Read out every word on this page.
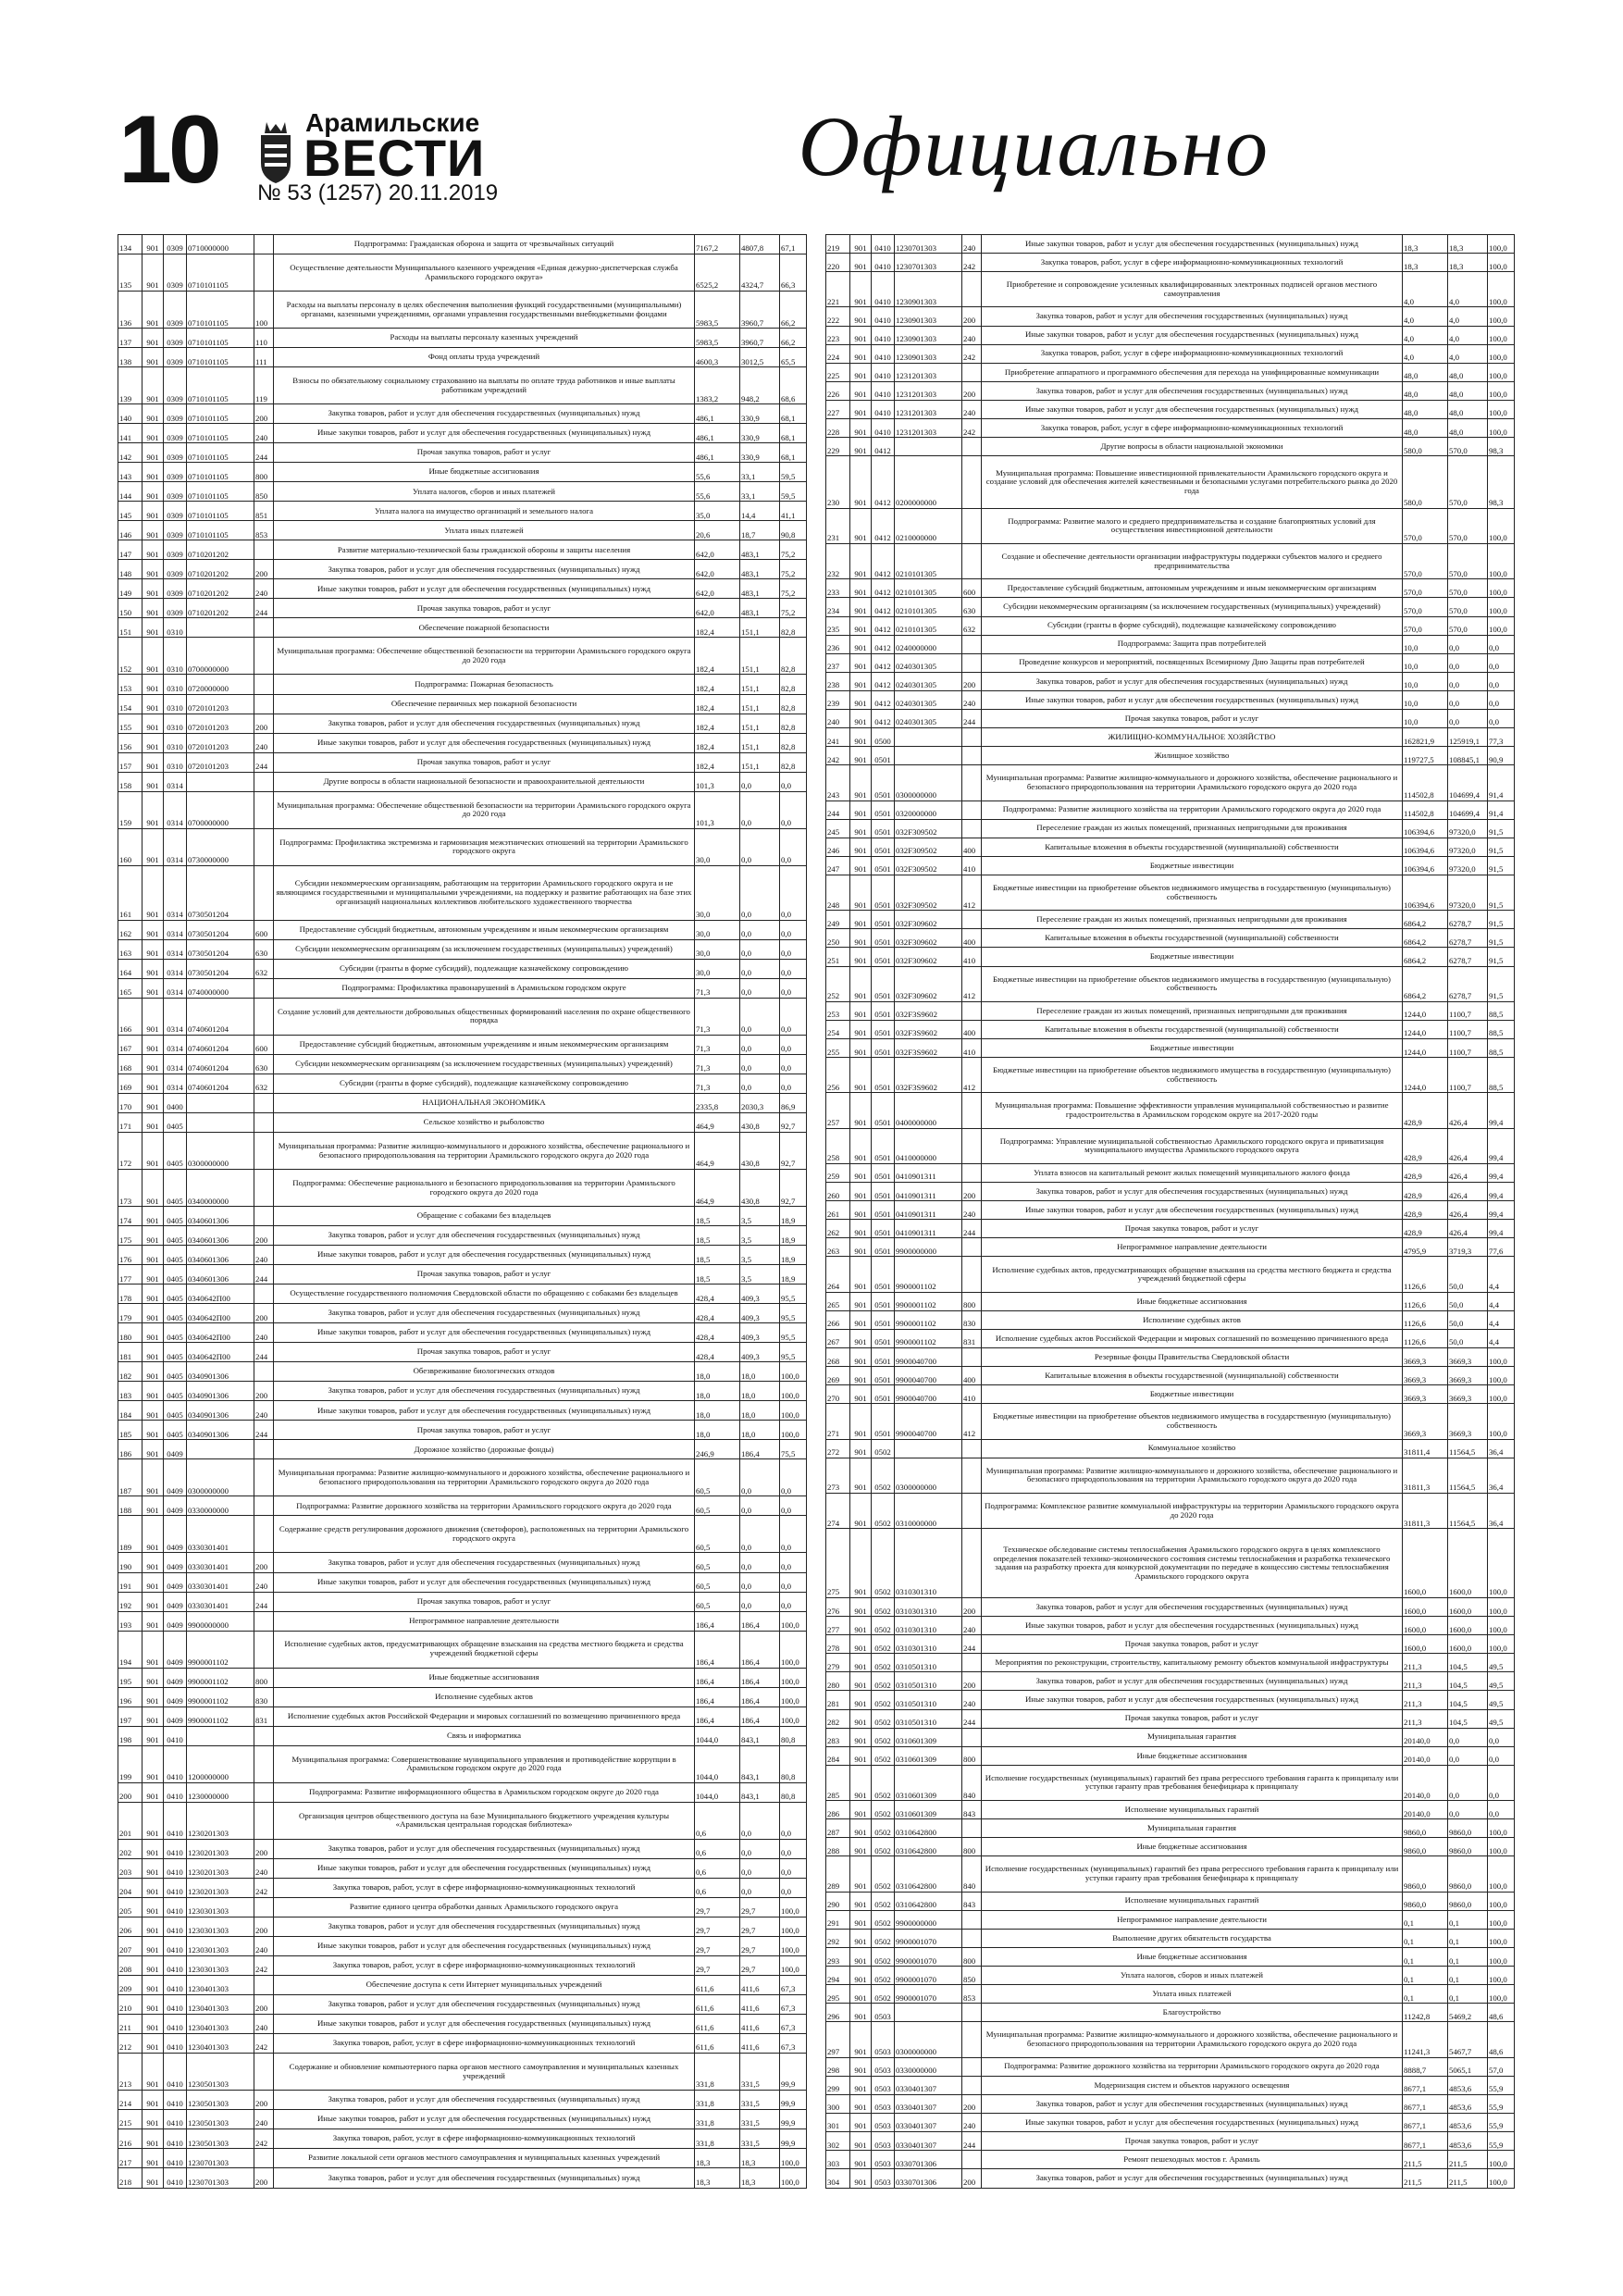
10	Арамильские
ВЕСТИ
№ 53 (1257) 20.11.2019	Официально
134	901	0309	0710000000		Подпрограмма: Гражданская оборона и защита от чрезвычайных ситуаций	7167,2	4807,8	67,1
135	901	0309	0710101105		Осуществление деятельности Муниципального казенного учреждения «Единая дежурно-диспетчерская служба Арамильского городского округа»	6525,2	4324,7	66,3
136	901	0309	0710101105	100	Расходы на выплаты персоналу в целях обеспечения выполнения функций государственными (муниципальными) органами, казенными учреждениями, органами управления государственными внебюджетными фондами	5983,5	3960,7	66,2
137	901	0309	0710101105	110	Расходы на выплаты персоналу казенных учреждений	5983,5	3960,7	66,2
138	901	0309	0710101105	111	Фонд оплаты труда учреждений	4600,3	3012,5	65,5
139	901	0309	0710101105	119	Взносы по обязательному социальному страхованию на выплаты по оплате труда работников и иные выплаты работникам учреждений	1383,2	948,2	68,6
140	901	0309	0710101105	200	Закупка товаров, работ и услуг для обеспечения государственных (муниципальных) нужд	486,1	330,9	68,1
141	901	0309	0710101105	240	Иные закупки товаров, работ и услуг для обеспечения государственных (муниципальных) нужд	486,1	330,9	68,1
142	901	0309	0710101105	244	Прочая закупка товаров, работ и услуг	486,1	330,9	68,1
143	901	0309	0710101105	800	Иные бюджетные ассигнования	55,6	33,1	59,5
144	901	0309	0710101105	850	Уплата налогов, сборов и иных платежей	55,6	33,1	59,5
145	901	0309	0710101105	851	Уплата налога на имущество организаций и земельного налога	35,0	14,4	41,1
146	901	0309	0710101105	853	Уплата иных платежей	20,6	18,7	90,8
147	901	0309	0710201202		Развитие материально-технической базы гражданской обороны и защиты населения	642,0	483,1	75,2
148	901	0309	0710201202	200	Закупка товаров, работ и услуг для обеспечения государственных (муниципальных) нужд	642,0	483,1	75,2
149	901	0309	0710201202	240	Иные закупки товаров, работ и услуг для обеспечения государственных (муниципальных) нужд	642,0	483,1	75,2
150	901	0309	0710201202	244	Прочая закупка товаров, работ и услуг	642,0	483,1	75,2
151	901	0310			Обеспечение пожарной безопасности	182,4	151,1	82,8
152	901	0310	0700000000		Муниципальная программа: Обеспечение общественной безопасности на территории Арамильского городского округа до 2020 года	182,4	151,1	82,8
153	901	0310	0720000000		Подпрограмма: Пожарная безопасность	182,4	151,1	82,8
154	901	0310	0720101203		Обеспечение первичных мер пожарной безопасности	182,4	151,1	82,8
155	901	0310	0720101203	200	Закупка товаров, работ и услуг для обеспечения государственных (муниципальных) нужд	182,4	151,1	82,8
156	901	0310	0720101203	240	Иные закупки товаров, работ и услуг для обеспечения государственных (муниципальных) нужд	182,4	151,1	82,8
157	901	0310	0720101203	244	Прочая закупка товаров, работ и услуг	182,4	151,1	82,8
158	901	0314			Другие вопросы в области национальной безопасности и правоохранительной деятельности	101,3	0,0	0,0
159	901	0314	0700000000		Муниципальная программа: Обеспечение общественной безопасности на территории Арамильского городского округа до 2020 года	101,3	0,0	0,0
160	901	0314	0730000000		Подпрограмма: Профилактика экстремизма и гармонизация межэтнических отношений на территории Арамильского городского округа	30,0	0,0	0,0
161	901	0314	0730501204		Субсидии некоммерческим организациям, работающим на территории Арамильского городского округа и не являющимся государственными и муниципальными учреждениями, на поддержку и развитие работающих на базе этих организаций национальных коллективов любительского художественного творчества	30,0	0,0	0,0
162	901	0314	0730501204	600	Предоставление субсидий бюджетным, автономным учреждениям и иным некоммерческим организациям	30,0	0,0	0,0
163	901	0314	0730501204	630	Субсидии некоммерческим организациям (за исключением государственных (муниципальных) учреждений)	30,0	0,0	0,0
164	901	0314	0730501204	632	Субсидии (гранты в форме субсидий), подлежащие казначейскому сопровождению	30,0	0,0	0,0
165	901	0314	0740000000		Подпрограмма: Профилактика правонарушений в Арамильском городском округе	71,3	0,0	0,0
166	901	0314	0740601204		Создание условий для деятельности добровольных общественных формирований населения по охране общественного порядка	71,3	0,0	0,0
167	901	0314	0740601204	600	Предоставление субсидий бюджетным, автономным учреждениям и иным некоммерческим организациям	71,3	0,0	0,0
168	901	0314	0740601204	630	Субсидии некоммерческим организациям (за исключением государственных (муниципальных) учреждений)	71,3	0,0	0,0
169	901	0314	0740601204	632	Субсидии (гранты в форме субсидий), подлежащие казначейскому сопровождению	71,3	0,0	0,0
170	901	0400			НАЦИОНАЛЬНАЯ ЭКОНОМИКА	2335,8	2030,3	86,9
171	901	0405			Сельское хозяйство и рыболовство	464,9	430,8	92,7
172	901	0405	0300000000		Муниципальная программа: Развитие жилищно-коммунального и дорожного хозяйства, обеспечение рационального и безопасного природопользования на территории Арамильского городского округа до 2020 года	464,9	430,8	92,7
173	901	0405	0340000000		Подпрограмма: Обеспечение рационального и безопасного природопользования на территории Арамильского городского округа до 2020 года	464,9	430,8	92,7
174	901	0405	0340601306		Обращение с собаками без владельцев	18,5	3,5	18,9
175	901	0405	0340601306	200	Закупка товаров, работ и услуг для обеспечения государственных (муниципальных) нужд	18,5	3,5	18,9
176	901	0405	0340601306	240	Иные закупки товаров, работ и услуг для обеспечения государственных (муниципальных) нужд	18,5	3,5	18,9
177	901	0405	0340601306	244	Прочая закупка товаров, работ и услуг	18,5	3,5	18,9
178	901	0405	0340642П00		Осуществление государственного полномочия Свердловской области по обращению с собаками без владельцев	428,4	409,3	95,5
179	901	0405	0340642П00	200	Закупка товаров, работ и услуг для обеспечения государственных (муниципальных) нужд	428,4	409,3	95,5
180	901	0405	0340642П00	240	Иные закупки товаров, работ и услуг для обеспечения государственных (муниципальных) нужд	428,4	409,3	95,5
181	901	0405	0340642П00	244	Прочая закупка товаров, работ и услуг	428,4	409,3	95,5
182	901	0405	0340901306		Обезвреживание биологических отходов	18,0	18,0	100,0
183	901	0405	0340901306	200	Закупка товаров, работ и услуг для обеспечения государственных (муниципальных) нужд	18,0	18,0	100,0
184	901	0405	0340901306	240	Иные закупки товаров, работ и услуг для обеспечения государственных (муниципальных) нужд	18,0	18,0	100,0
185	901	0405	0340901306	244	Прочая закупка товаров, работ и услуг	18,0	18,0	100,0
186	901	0409			Дорожное хозяйство (дорожные фонды)	246,9	186,4	75,5
187	901	0409	0300000000		Муниципальная программа: Развитие жилищно-коммунального и дорожного хозяйства, обеспечение рационального и безопасного природопользования на территории Арамильского городского округа до 2020 года	60,5	0,0	0,0
188	901	0409	0330000000		Подпрограмма: Развитие дорожного хозяйства на территории Арамильского городского округа до 2020 года	60,5	0,0	0,0
189	901	0409	0330301401		Содержание средств регулирования дорожного движения (светофоров), расположенных на территории Арамильского городского округа	60,5	0,0	0,0
190	901	0409	0330301401	200	Закупка товаров, работ и услуг для обеспечения государственных (муниципальных) нужд	60,5	0,0	0,0
191	901	0409	0330301401	240	Иные закупки товаров, работ и услуг для обеспечения государственных (муниципальных) нужд	60,5	0,0	0,0
192	901	0409	0330301401	244	Прочая закупка товаров, работ и услуг	60,5	0,0	0,0
193	901	0409	9900000000		Непрограммное направление деятельности	186,4	186,4	100,0
194	901	0409	9900001102		Исполнение судебных актов, предусматривающих обращение взыскания на средства местного бюджета и средства учреждений бюджетной сферы	186,4	186,4	100,0
195	901	0409	9900001102	800	Иные бюджетные ассигнования	186,4	186,4	100,0
196	901	0409	9900001102	830	Исполнение судебных актов	186,4	186,4	100,0
197	901	0409	9900001102	831	Исполнение судебных актов Российской Федерации и мировых соглашений по возмещению причиненного вреда	186,4	186,4	100,0
198	901	0410			Связь и информатика	1044,0	843,1	80,8
199	901	0410	1200000000		Муниципальная программа: Совершенствование муниципального управления и противодействие коррупции в Арамильском городском округе до 2020 года	1044,0	843,1	80,8
200	901	0410	1230000000		Подпрограмма: Развитие информационного общества в Арамильском городском округе до 2020 года	1044,0	843,1	80,8
201	901	0410	1230201303		Организация центров общественного доступа на базе Муниципального бюджетного учреждения культуры «Арамильская центральная городская библиотека»	0,6	0,0	0,0
202	901	0410	1230201303	200	Закупка товаров, работ и услуг для обеспечения государственных (муниципальных) нужд	0,6	0,0	0,0
203	901	0410	1230201303	240	Иные закупки товаров, работ и услуг для обеспечения государственных (муниципальных) нужд	0,6	0,0	0,0
204	901	0410	1230201303	242	Закупка товаров, работ, услуг в сфере информационно-коммуникационных технологий	0,6	0,0	0,0
205	901	0410	1230301303		Развитие единого центра обработки данных Арамильского городского округа	29,7	29,7	100,0
206	901	0410	1230301303	200	Закупка товаров, работ и услуг для обеспечения государственных (муниципальных) нужд	29,7	29,7	100,0
207	901	0410	1230301303	240	Иные закупки товаров, работ и услуг для обеспечения государственных (муниципальных) нужд	29,7	29,7	100,0
208	901	0410	1230301303	242	Закупка товаров, работ, услуг в сфере информационно-коммуникационных технологий	29,7	29,7	100,0
209	901	0410	1230401303		Обеспечение доступа к сети Интернет муниципальных учреждений	611,6	411,6	67,3
210	901	0410	1230401303	200	Закупка товаров, работ и услуг для обеспечения государственных (муниципальных) нужд	611,6	411,6	67,3
211	901	0410	1230401303	240	Иные закупки товаров, работ и услуг для обеспечения государственных (муниципальных) нужд	611,6	411,6	67,3
212	901	0410	1230401303	242	Закупка товаров, работ, услуг в сфере информационно-коммуникационных технологий	611,6	411,6	67,3
213	901	0410	1230501303		Содержание и обновление компьютерного парка органов местного самоуправления и муниципальных казенных учреждений	331,8	331,5	99,9
214	901	0410	1230501303	200	Закупка товаров, работ и услуг для обеспечения государственных (муниципальных) нужд	331,8	331,5	99,9
215	901	0410	1230501303	240	Иные закупки товаров, работ и услуг для обеспечения государственных (муниципальных) нужд	331,8	331,5	99,9
216	901	0410	1230501303	242	Закупка товаров, работ, услуг в сфере информационно-коммуникационных технологий	331,8	331,5	99,9
217	901	0410	1230701303		Развитие локальной сети органов местного самоуправления и муниципальных казенных учреждений	18,3	18,3	100,0
218	901	0410	1230701303	200	Закупка товаров, работ и услуг для обеспечения государственных (муниципальных) нужд	18,3	18,3	100,0
219	901	0410	1230701303	240	Иные закупки товаров, работ и услуг для обеспечения государственных (муниципальных) нужд	18,3	18,3	100,0
220	901	0410	1230701303	242	Закупка товаров, работ, услуг в сфере информационно-коммуникационных технологий	18,3	18,3	100,0
221	901	0410	1230901303		Приобретение и сопровождение усиленных квалифицированных электронных подписей органов местного самоуправления	4,0	4,0	100,0
222	901	0410	1230901303	200	Закупка товаров, работ и услуг для обеспечения государственных (муниципальных) нужд	4,0	4,0	100,0
223	901	0410	1230901303	240	Иные закупки товаров, работ и услуг для обеспечения государственных (муниципальных) нужд	4,0	4,0	100,0
224	901	0410	1230901303	242	Закупка товаров, работ, услуг в сфере информационно-коммуникационных технологий	4,0	4,0	100,0
225	901	0410	1231201303		Приобретение аппаратного и программного обеспечения для перехода на унифицированные коммуникации	48,0	48,0	100,0
226	901	0410	1231201303	200	Закупка товаров, работ и услуг для обеспечения государственных (муниципальных) нужд	48,0	48,0	100,0
227	901	0410	1231201303	240	Иные закупки товаров, работ и услуг для обеспечения государственных (муниципальных) нужд	48,0	48,0	100,0
228	901	0410	1231201303	242	Закупка товаров, работ, услуг в сфере информационно-коммуникационных технологий	48,0	48,0	100,0
229	901	0412			Другие вопросы в области национальной экономики	580,0	570,0	98,3
230	901	0412	0200000000		Муниципальная программа: Повышение инвестиционной привлекательности Арамильского городского округа и создание условий для обеспечения жителей качественными и безопасными услугами потребительского рынка до 2020 года	580,0	570,0	98,3
231	901	0412	0210000000		Подпрограмма: Развитие малого и среднего предпринимательства и создание благоприятных условий для осуществления инвестиционной деятельности	570,0	570,0	100,0
232	901	0412	0210101305		Создание и обеспечение деятельности организации инфраструктуры поддержки субъектов малого и среднего предпринимательства	570,0	570,0	100,0
233	901	0412	0210101305	600	Предоставление субсидий бюджетным, автономным учреждениям и иным некоммерческим организациям	570,0	570,0	100,0
234	901	0412	0210101305	630	Субсидии некоммерческим организациям (за исключением государственных (муниципальных) учреждений)	570,0	570,0	100,0
235	901	0412	0210101305	632	Субсидии (гранты в форме субсидий), подлежащие казначейскому сопровождению	570,0	570,0	100,0
236	901	0412	0240000000		Подпрограмма: Защита прав потребителей	10,0	0,0	0,0
237	901	0412	0240301305		Проведение конкурсов и мероприятий, посвященных Всемирному Дню Защиты прав потребителей	10,0	0,0	0,0
238	901	0412	0240301305	200	Закупка товаров, работ и услуг для обеспечения государственных (муниципальных) нужд	10,0	0,0	0,0
239	901	0412	0240301305	240	Иные закупки товаров, работ и услуг для обеспечения государственных (муниципальных) нужд	10,0	0,0	0,0
240	901	0412	0240301305	244	Прочая закупка товаров, работ и услуг	10,0	0,0	0,0
241	901	0500			ЖИЛИЩНО-КОММУНАЛЬНОЕ ХОЗЯЙСТВО	162821,9	125919,1	77,3
242	901	0501			Жилищное хозяйство	119727,5	108845,1	90,9
243	901	0501	0300000000		Муниципальная программа: Развитие жилищно-коммунального и дорожного хозяйства, обеспечение рационального и безопасного природопользования на территории Арамильского городского округа до 2020 года	114502,8	104699,4	91,4
244	901	0501	0320000000		Подпрограмма: Развитие жилищного хозяйства на территории Арамильского городского округа до 2020 года	114502,8	104699,4	91,4
245	901	0501	032F309502		Переселение граждан из жилых помещений, признанных непригодными для проживания	106394,6	97320,0	91,5
246	901	0501	032F309502	400	Капитальные вложения в объекты государственной (муниципальной) собственности	106394,6	97320,0	91,5
247	901	0501	032F309502	410	Бюджетные инвестиции	106394,6	97320,0	91,5
248	901	0501	032F309502	412	Бюджетные инвестиции на приобретение объектов недвижимого имущества в государственную (муниципальную) собственность	106394,6	97320,0	91,5
249	901	0501	032F309602		Переселение граждан из жилых помещений, признанных непригодными для проживания	6864,2	6278,7	91,5
250	901	0501	032F309602	400	Капитальные вложения в объекты государственной (муниципальной) собственности	6864,2	6278,7	91,5
251	901	0501	032F309602	410	Бюджетные инвестиции	6864,2	6278,7	91,5
252	901	0501	032F309602	412	Бюджетные инвестиции на приобретение объектов недвижимого имущества в государственную (муниципальную) собственность	6864,2	6278,7	91,5
253	901	0501	032F3S9602		Переселение граждан из жилых помещений, признанных непригодными для проживания	1244,0	1100,7	88,5
254	901	0501	032F3S9602	400	Капитальные вложения в объекты государственной (муниципальной) собственности	1244,0	1100,7	88,5
255	901	0501	032F3S9602	410	Бюджетные инвестиции	1244,0	1100,7	88,5
256	901	0501	032F3S9602	412	Бюджетные инвестиции на приобретение объектов недвижимого имущества в государственную (муниципальную) собственность	1244,0	1100,7	88,5
257	901	0501	0400000000		Муниципальная программа: Повышение эффективности управления муниципальной собственностью и развитие градостроительства в Арамильском городском округе на 2017-2020 годы	428,9	426,4	99,4
258	901	0501	0410000000		Подпрограмма: Управление муниципальной собственностью Арамильского городского округа и приватизация муниципального имущества Арамильского городского округа	428,9	426,4	99,4
259	901	0501	0410901311		Уплата взносов на капитальный ремонт жилых помещений муниципального жилого фонда	428,9	426,4	99,4
260	901	0501	0410901311	200	Закупка товаров, работ и услуг для обеспечения государственных (муниципальных) нужд	428,9	426,4	99,4
261	901	0501	0410901311	240	Иные закупки товаров, работ и услуг для обеспечения государственных (муниципальных) нужд	428,9	426,4	99,4
262	901	0501	0410901311	244	Прочая закупка товаров, работ и услуг	428,9	426,4	99,4
263	901	0501	9900000000		Непрограммное направление деятельности	4795,9	3719,3	77,6
264	901	0501	9900001102		Исполнение судебных актов, предусматривающих обращение взыскания на средства местного бюджета и средства учреждений бюджетной сферы	1126,6	50,0	4,4
265	901	0501	9900001102	800	Иные бюджетные ассигнования	1126,6	50,0	4,4
266	901	0501	9900001102	830	Исполнение судебных актов	1126,6	50,0	4,4
267	901	0501	9900001102	831	Исполнение судебных актов Российской Федерации и мировых соглашений по возмещению причиненного вреда	1126,6	50,0	4,4
268	901	0501	9900040700		Резервные фонды Правительства Свердловской области	3669,3	3669,3	100,0
269	901	0501	9900040700	400	Капитальные вложения в объекты государственной (муниципальной) собственности	3669,3	3669,3	100,0
270	901	0501	9900040700	410	Бюджетные инвестиции	3669,3	3669,3	100,0
271	901	0501	9900040700	412	Бюджетные инвестиции на приобретение объектов недвижимого имущества в государственную (муниципальную) собственность	3669,3	3669,3	100,0
272	901	0502			Коммунальное хозяйство	31811,4	11564,5	36,4
273	901	0502	0300000000		Муниципальная программа: Развитие жилищно-коммунального и дорожного хозяйства, обеспечение рационального и безопасного природопользования на территории Арамильского городского округа до 2020 года	31811,3	11564,5	36,4
274	901	0502	0310000000		Подпрограмма: Комплексное развитие коммунальной инфраструктуры на территории Арамильского городского округа до 2020 года	31811,3	11564,5	36,4
275	901	0502	0310301310		Техническое обследование системы теплоснабжения Арамильского городского округа в целях комплексного определения показателей технико-экономического состояния системы теплоснабжения и разработка технического задания на разработку проекта для конкурсной документации по передаче в концессию системы теплоснабжения Арамильского городского округа	1600,0	1600,0	100,0
276	901	0502	0310301310	200	Закупка товаров, работ и услуг для обеспечения государственных (муниципальных) нужд	1600,0	1600,0	100,0
277	901	0502	0310301310	240	Иные закупки товаров, работ и услуг для обеспечения государственных (муниципальных) нужд	1600,0	1600,0	100,0
278	901	0502	0310301310	244	Прочая закупка товаров, работ и услуг	1600,0	1600,0	100,0
279	901	0502	0310501310		Мероприятия по реконструкции, строительству, капитальному ремонту объектов коммунальной инфраструктуры	211,3	104,5	49,5
280	901	0502	0310501310	200	Закупка товаров, работ и услуг для обеспечения государственных (муниципальных) нужд	211,3	104,5	49,5
281	901	0502	0310501310	240	Иные закупки товаров, работ и услуг для обеспечения государственных (муниципальных) нужд	211,3	104,5	49,5
282	901	0502	0310501310	244	Прочая закупка товаров, работ и услуг	211,3	104,5	49,5
283	901	0502	0310601309		Муниципальная гарантия	20140,0	0,0	0,0
284	901	0502	0310601309	800	Иные бюджетные ассигнования	20140,0	0,0	0,0
285	901	0502	0310601309	840	Исполнение государственных (муниципальных) гарантий без права регрессного требования гаранта к принципалу или уступки гаранту прав требования бенефициара к принципалу	20140,0	0,0	0,0
286	901	0502	0310601309	843	Исполнение муниципальных гарантий	20140,0	0,0	0,0
287	901	0502	0310642800		Муниципальная гарантия	9860,0	9860,0	100,0
288	901	0502	0310642800	800	Иные бюджетные ассигнования	9860,0	9860,0	100,0
289	901	0502	0310642800	840	Исполнение государственных (муниципальных) гарантий без права регрессного требования гаранта к принципалу или уступки гаранту прав требования бенефициара к принципалу	9860,0	9860,0	100,0
290	901	0502	0310642800	843	Исполнение муниципальных гарантий	9860,0	9860,0	100,0
291	901	0502	9900000000		Непрограммное направление деятельности	0,1	0,1	100,0
292	901	0502	9900001070		Выполнение других обязательств государства	0,1	0,1	100,0
293	901	0502	9900001070	800	Иные бюджетные ассигнования	0,1	0,1	100,0
294	901	0502	9900001070	850	Уплата налогов, сборов и иных платежей	0,1	0,1	100,0
295	901	0502	9900001070	853	Уплата иных платежей	0,1	0,1	100,0
296	901	0503			Благоустройство	11242,8	5469,2	48,6
297	901	0503	0300000000		Муниципальная программа: Развитие жилищно-коммунального и дорожного хозяйства, обеспечение рационального и безопасного природопользования на территории Арамильского городского округа до 2020 года	11241,3	5467,7	48,6
298	901	0503	0330000000		Подпрограмма: Развитие дорожного хозяйства на территории Арамильского городского округа до 2020 года	8888,7	5065,1	57,0
299	901	0503	0330401307		Модернизация систем и объектов наружного освещения	8677,1	4853,6	55,9
300	901	0503	0330401307	200	Закупка товаров, работ и услуг для обеспечения государственных (муниципальных) нужд	8677,1	4853,6	55,9
301	901	0503	0330401307	240	Иные закупки товаров, работ и услуг для обеспечения государственных (муниципальных) нужд	8677,1	4853,6	55,9
302	901	0503	0330401307	244	Прочая закупка товаров, работ и услуг	8677,1	4853,6	55,9
303	901	0503	0330701306		Ремонт пешеходных мостов г. Арамиль	211,5	211,5	100,0
304	901	0503	0330701306	200	Закупка товаров, работ и услуг для обеспечения государственных (муниципальных) нужд	211,5	211,5	100,0
